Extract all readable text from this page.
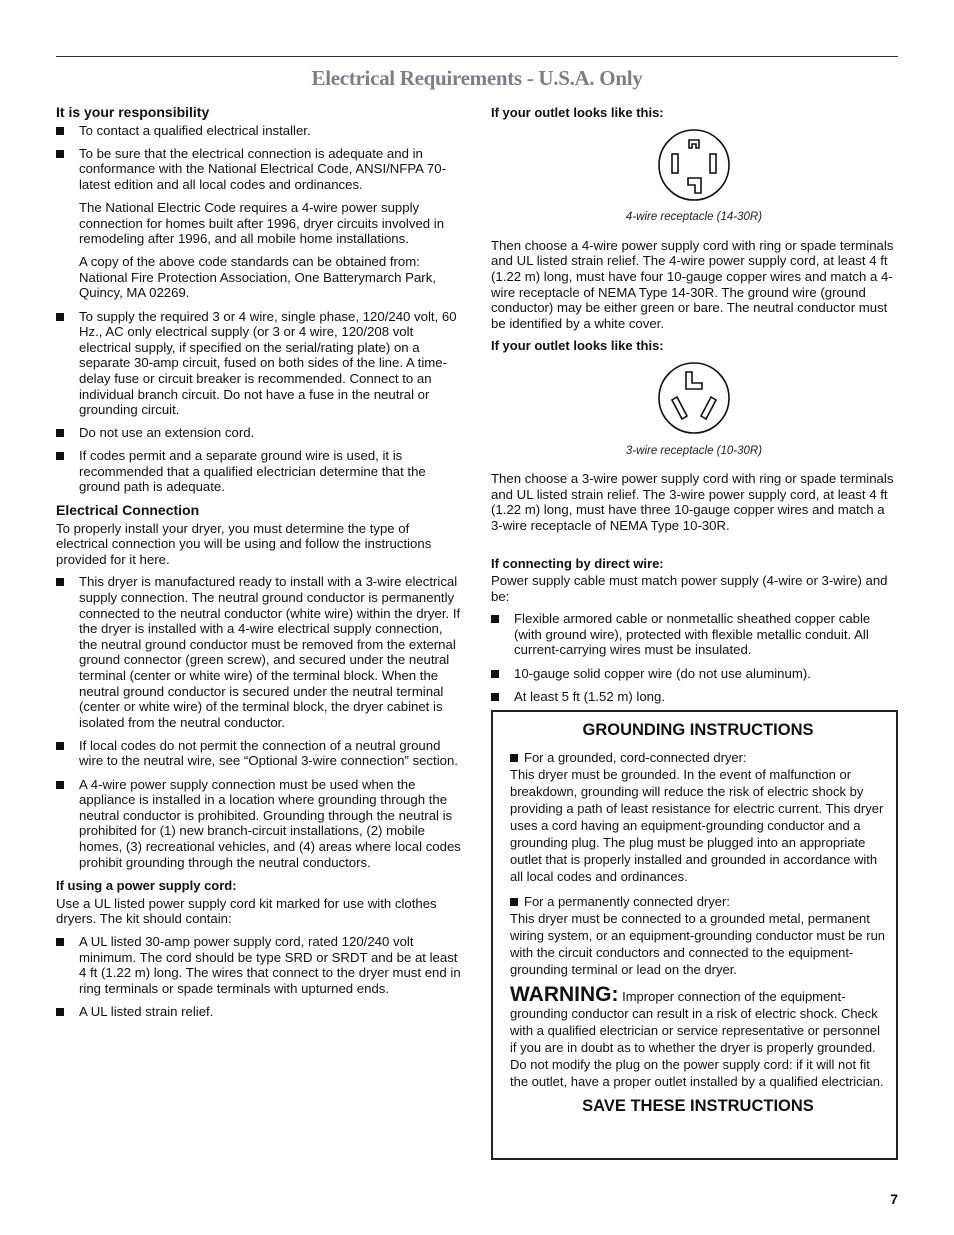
Electrical Requirements - U.S.A. Only
It is your responsibility
To contact a qualified electrical installer.
To be sure that the electrical connection is adequate and in conformance with the National Electrical Code, ANSI/NFPA 70-latest edition and all local codes and ordinances.
The National Electric Code requires a 4-wire power supply connection for homes built after 1996, dryer circuits involved in remodeling after 1996, and all mobile home installations.
A copy of the above code standards can be obtained from: National Fire Protection Association, One Batterymarch Park, Quincy, MA 02269.
To supply the required 3 or 4 wire, single phase, 120/240 volt, 60 Hz., AC only electrical supply (or 3 or 4 wire, 120/208 volt electrical supply, if specified on the serial/rating plate) on a separate 30-amp circuit, fused on both sides of the line. A time-delay fuse or circuit breaker is recommended. Connect to an individual branch circuit. Do not have a fuse in the neutral or grounding circuit.
Do not use an extension cord.
If codes permit and a separate ground wire is used, it is recommended that a qualified electrician determine that the ground path is adequate.
Electrical Connection
To properly install your dryer, you must determine the type of electrical connection you will be using and follow the instructions provided for it here.
This dryer is manufactured ready to install with a 3-wire electrical supply connection. The neutral ground conductor is permanently connected to the neutral conductor (white wire) within the dryer. If the dryer is installed with a 4-wire electrical supply connection, the neutral ground conductor must be removed from the external ground connector (green screw), and secured under the neutral terminal (center or white wire) of the terminal block. When the neutral ground conductor is secured under the neutral terminal (center or white wire) of the terminal block, the dryer cabinet is isolated from the neutral conductor.
If local codes do not permit the connection of a neutral ground wire to the neutral wire, see “Optional 3-wire connection” section.
A 4-wire power supply connection must be used when the appliance is installed in a location where grounding through the neutral conductor is prohibited. Grounding through the neutral is prohibited for (1) new branch-circuit installations, (2) mobile homes, (3) recreational vehicles, and (4) areas where local codes prohibit grounding through the neutral conductors.
If using a power supply cord:
Use a UL listed power supply cord kit marked for use with clothes dryers. The kit should contain:
A UL listed 30-amp power supply cord, rated 120/240 volt minimum. The cord should be type SRD or SRDT and be at least 4 ft (1.22 m) long. The wires that connect to the dryer must end in ring terminals or spade terminals with upturned ends.
A UL listed strain relief.
If your outlet looks like this:
4-wire receptacle (14-30R)
Then choose a 4-wire power supply cord with ring or spade terminals and UL listed strain relief. The 4-wire power supply cord, at least 4 ft (1.22 m) long, must have four 10-gauge copper wires and match a 4-wire receptacle of NEMA Type 14-30R. The ground wire (ground conductor) may be either green or bare. The neutral conductor must be identified by a white cover.
If your outlet looks like this:
3-wire receptacle (10-30R)
Then choose a 3-wire power supply cord with ring or spade terminals and UL listed strain relief. The 3-wire power supply cord, at least 4 ft (1.22 m) long, must have three 10-gauge copper wires and match a 3-wire receptacle of NEMA Type 10-30R.
If connecting by direct wire:
Power supply cable must match power supply (4-wire or 3-wire) and be:
Flexible armored cable or nonmetallic sheathed copper cable (with ground wire), protected with flexible metallic conduit. All current-carrying wires must be insulated.
10-gauge solid copper wire (do not use aluminum).
At least 5 ft (1.52 m) long.
GROUNDING INSTRUCTIONS
For a grounded, cord-connected dryer:
This dryer must be grounded. In the event of malfunction or breakdown, grounding will reduce the risk of electric shock by providing a path of least resistance for electric current. This dryer uses a cord having an equipment-grounding conductor and a grounding plug. The plug must be plugged into an appropriate outlet that is properly installed and grounded in accordance with all local codes and ordinances.
For a permanently connected dryer:
This dryer must be connected to a grounded metal, permanent wiring system, or an equipment-grounding conductor must be run with the circuit conductors and connected to the equipment-grounding terminal or lead on the dryer.
WARNING: Improper connection of the equipment-grounding conductor can result in a risk of electric shock. Check with a qualified electrician or service representative or personnel if you are in doubt as to whether the dryer is properly grounded. Do not modify the plug on the power supply cord: if it will not fit the outlet, have a proper outlet installed by a qualified electrician.
SAVE THESE INSTRUCTIONS
7
